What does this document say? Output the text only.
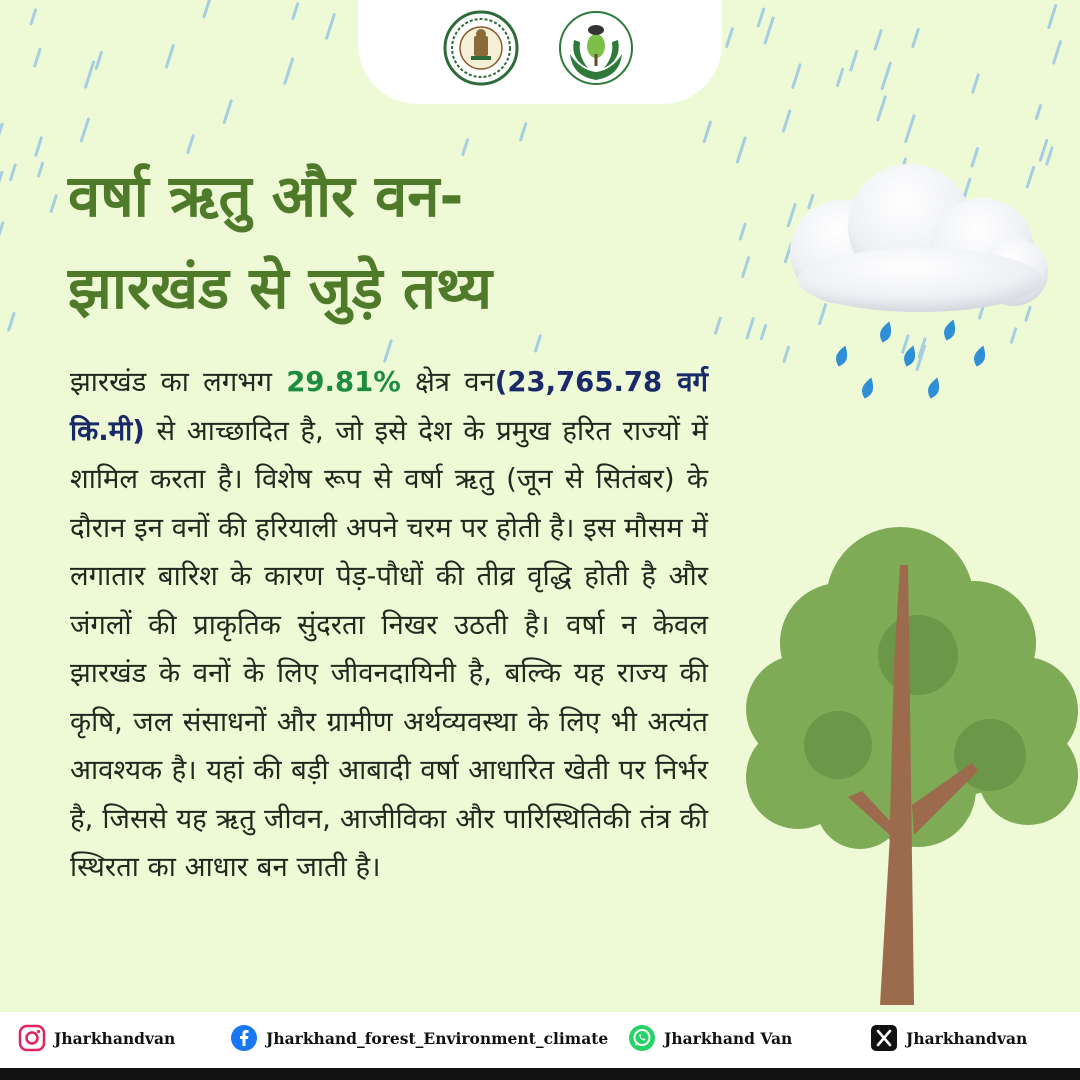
वर्षा ऋतु और वन-
झारखंड से जुड़े तथ्य

झारखंड का लगभग 29.81% क्षेत्र वन(23,765.78 वर्ग कि.मी) से आच्छादित है, जो इसे देश के प्रमुख हरित राज्यों में शामिल करता है। विशेष रूप से वर्षा ऋतु (जून से सितंबर) के दौरान इन वनों की हरियाली अपने चरम पर होती है। इस मौसम में लगातार बारिश के कारण पेड़-पौधों की तीव्र वृद्धि होती है और जंगलों की प्राकृतिक सुंदरता निखर उठती है। वर्षा न केवल झारखंड के वनों के लिए जीवनदायिनी है, बल्कि यह राज्य की कृषि, जल संसाधनों और ग्रामीण अर्थव्यवस्था के लिए भी अत्यंत आवश्यक है। यहां की बड़ी आबादी वर्षा आधारित खेती पर निर्भर है, जिससे यह ऋतु जीवन, आजीविका और पारिस्थितिकी तंत्र की स्थिरता का आधार बन जाती है।

Jharkhandvan	Jharkhand_forest_Environment_climate	Jharkhand Van	Jharkhandvan
